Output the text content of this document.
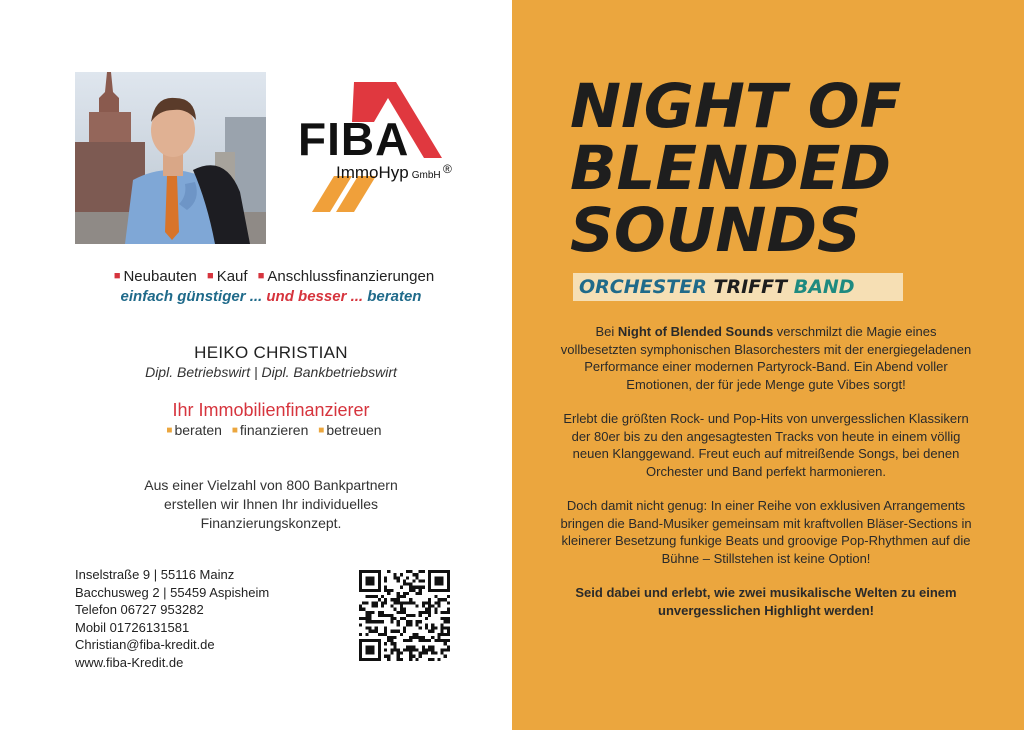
FIBA
ImmoHyp GmbH ®
■ Neubauten ■ Kauf ■ Anschlussfinanzierungen
einfach günstiger ... und besser ... beraten
HEIKO CHRISTIAN
Dipl. Betriebswirt | Dipl. Bankbetriebswirt
Ihr Immobilienfinanzierer
■ beraten ■ finanzieren ■ betreuen
Aus einer Vielzahl von 800 Bankpartnern
erstellen wir Ihnen Ihr individuelles
Finanzierungskonzept.
Inselstraße 9 | 55116 Mainz
Bacchusweg 2 | 55459 Aspisheim
Telefon 06727 953282
Mobil 01726131581
Christian@fiba-kredit.de
www.fiba-Kredit.de
NIGHT OF
BLENDED
SOUNDS
ORCHESTER TRIFFT BAND

Bei Night of Blended Sounds verschmilzt die Magie eines vollbesetzten symphonischen Blasorchesters mit der energiegeladenen Performance einer modernen Partyrock-Band. Ein Abend voller Emotionen, der für jede Menge gute Vibes sorgt!

Erlebt die größten Rock- und Pop-Hits von unvergesslichen Klassikern der 80er bis zu den angesagtesten Tracks von heute in einem völlig neuen Klanggewand. Freut euch auf mitreißende Songs, bei denen Orchester und Band perfekt harmonieren.

Doch damit nicht genug: In einer Reihe von exklusiven Arrangements bringen die Band-Musiker gemeinsam mit kraftvollen Bläser-Sections in kleinerer Besetzung funkige Beats und groovige Pop-Rhythmen auf die Bühne – Stillstehen ist keine Option!

Seid dabei und erlebt, wie zwei musikalische Welten zu einem unvergesslichen Highlight werden!
